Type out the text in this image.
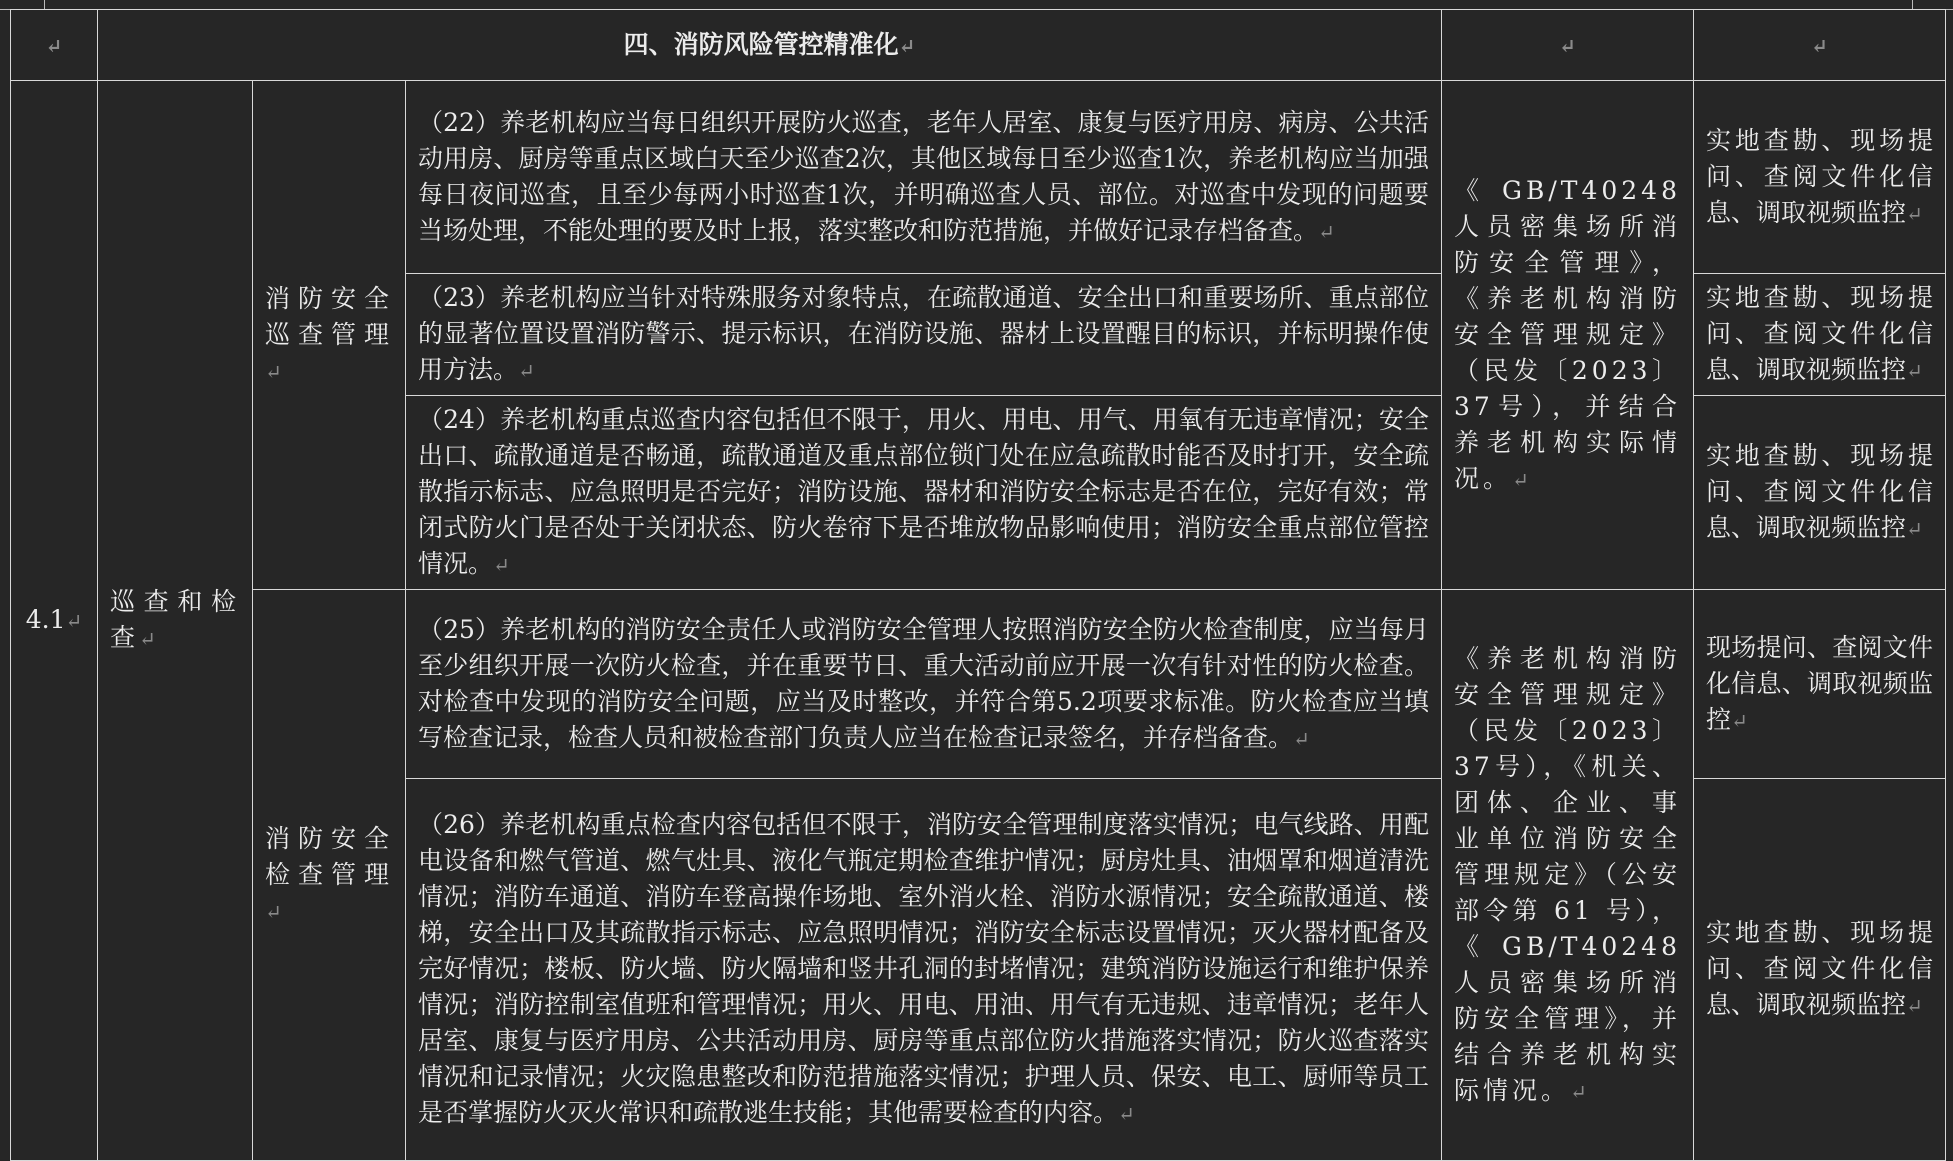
↵	四、消防风险管控精准化↵			↵	↵
4.1↵	巡查和检查↵	消防安全巡查管理↵	（22）养老机构应当每日组织开展防火巡查，老年人居室、康复与医疗用房、病房、公共活动用房、厨房等重点区域白天至少巡查2次，其他区域每日至少巡查1次，养老机构应当加强每日夜间巡查，且至少每两小时巡查1次，并明确巡查人员、部位。对巡查中发现的问题要当场处理，不能处理的要及时上报，落实整改和防范措施，并做好记录存档备查。↵	《GB/T40248人员密集场所消防安全管理》，《养老机构消防安全管理规定》（民发〔2023〕37号），并结合养老机构实际情况。↵	实地查勘、现场提问、查阅文件化信息、调取视频监控↵
			（23）养老机构应当针对特殊服务对象特点，在疏散通道、安全出口和重要场所、重点部位的显著位置设置消防警示、提示标识，在消防设施、器材上设置醒目的标识，并标明操作使用方法。↵		实地查勘、现场提问、查阅文件化信息、调取视频监控↵
			（24）养老机构重点巡查内容包括但不限于，用火、用电、用气、用氧有无违章情况；安全出口、疏散通道是否畅通，疏散通道及重点部位锁门处在应急疏散时能否及时打开，安全疏散指示标志、应急照明是否完好；消防设施、器材和消防安全标志是否在位，完好有效；常闭式防火门是否处于关闭状态、防火卷帘下是否堆放物品影响使用；消防安全重点部位管控情况。↵		实地查勘、现场提问、查阅文件化信息、调取视频监控↵
		消防安全检查管理↵	（25）养老机构的消防安全责任人或消防安全管理人按照消防安全防火检查制度，应当每月至少组织开展一次防火检查，并在重要节日、重大活动前应开展一次有针对性的防火检查。对检查中发现的消防安全问题，应当及时整改，并符合第5.2项要求标准。防火检查应当填写检查记录，检查人员和被检查部门负责人应当在检查记录签名，并存档备查。↵	《养老机构消防安全管理规定》（民发〔2023〕37号），《机关、团体、企业、事业单位消防安全管理规定》（公安部令第 61 号），《GB/T40248人员密集场所消防安全管理》，并结合养老机构实际情况。↵	现场提问、查阅文件化信息、调取视频监控↵
			（26）养老机构重点检查内容包括但不限于，消防安全管理制度落实情况；电气线路、用配电设备和燃气管道、燃气灶具、液化气瓶定期检查维护情况；厨房灶具、油烟罩和烟道清洗情况；消防车通道、消防车登高操作场地、室外消火栓、消防水源情况；安全疏散通道、楼梯，安全出口及其疏散指示标志、应急照明情况；消防安全标志设置情况；灭火器材配备及完好情况；楼板、防火墙、防火隔墙和竖井孔洞的封堵情况；建筑消防设施运行和维护保养情况；消防控制室值班和管理情况；用火、用电、用油、用气有无违规、违章情况；老年人居室、康复与医疗用房、公共活动用房、厨房等重点部位防火措施落实情况；防火巡查落实情况和记录情况；火灾隐患整改和防范措施落实情况；护理人员、保安、电工、厨师等员工是否掌握防火灭火常识和疏散逃生技能；其他需要检查的内容。↵		实地查勘、现场提问、查阅文件化信息、调取视频监控↵
